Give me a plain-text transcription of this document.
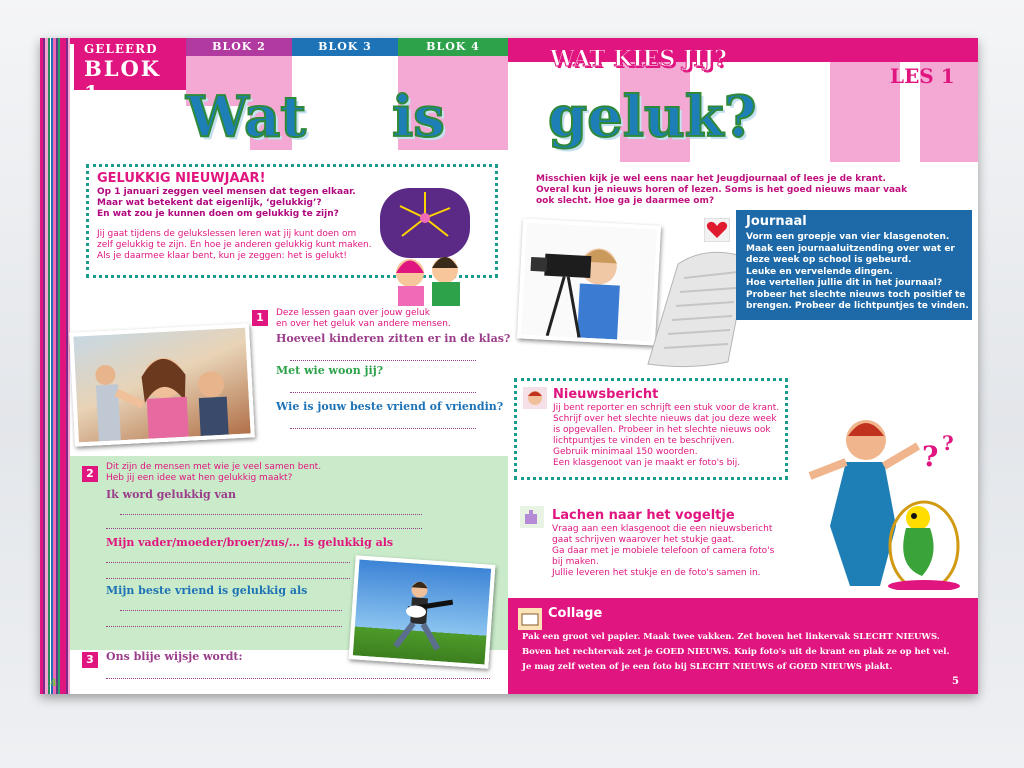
GELEERD
BLOK 1
BLOK 2	BLOK 3	BLOK 4
Wat is geluk?
WAT KIES JIJ?
LES 1
GELUKKIG NIEUWJAAR!
Op 1 januari zeggen veel mensen dat tegen elkaar.
Maar wat betekent dat eigenlijk, ‘gelukkig’?
En wat zou je kunnen doen om gelukkig te zijn?
Jij gaat tijdens de gelukslessen leren wat jij kunt doen om
zelf gelukkig te zijn. En hoe je anderen gelukkig kunt maken.
Als je daarmee klaar bent, kun je zeggen: het is gelukt!
1	Deze lessen gaan over jouw geluk
en over het geluk van andere mensen.
Hoeveel kinderen zitten er in de klas?
Met wie woon jij?
Wie is jouw beste vriend of vriendin?
2	Dit zijn de mensen met wie je veel samen bent.
Heb jij een idee wat hen gelukkig maakt?
Ik word gelukkig van
Mijn vader/moeder/broer/zus/… is gelukkig als
Mijn beste vriend is gelukkig als
3	Ons blije wijsje wordt:
4
Misschien kijk je wel eens naar het Jeugdjournaal of lees je de krant.
Overal kun je nieuws horen of lezen. Soms is het goed nieuws maar vaak
ook slecht. Hoe ga je daarmee om?
Journaal
Vorm een groepje van vier klasgenoten.
Maak een journaaluitzending over wat er
deze week op school is gebeurd.
Leuke en vervelende dingen.
Hoe vertellen jullie dit in het journaal?
Probeer het slechte nieuws toch positief te
brengen. Probeer de lichtpuntjes te vinden.
Nieuwsbericht
Jij bent reporter en schrijft een stuk voor de krant.
Schrijf over het slechte nieuws dat jou deze week
is opgevallen. Probeer in het slechte nieuws ook
lichtpuntjes te vinden en te beschrijven.
Gebruik minimaal 150 woorden.
Een klasgenoot van je maakt er foto's bij.
Lachen naar het vogeltje
Vraag aan een klasgenoot die een nieuwsbericht
gaat schrijven waarover het stukje gaat.
Ga daar met je mobiele telefoon of camera foto's
bij maken.
Jullie leveren het stukje en de foto's samen in.
? ?
Collage
Pak een groot vel papier. Maak twee vakken. Zet boven het linkervak SLECHT NIEUWS.
Boven het rechtervak zet je GOED NIEUWS. Knip foto's uit de krant en plak ze op het vel.
Je mag zelf weten of je een foto bij SLECHT NIEUWS of GOED NIEUWS plakt.
5
